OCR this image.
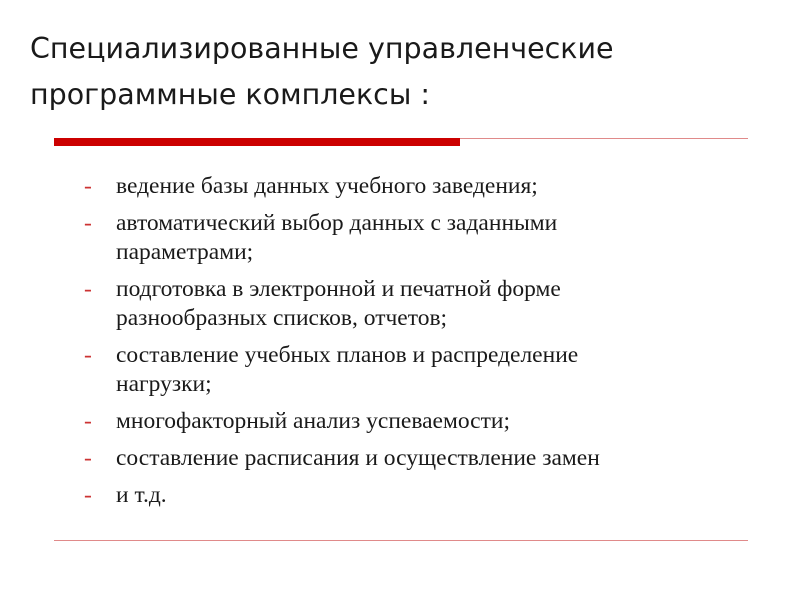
Специализированные управленческие
программные комплексы :
-	ведение базы данных учебного заведения;
-	автоматический выбор данных с заданными
параметрами;
-	подготовка в электронной и печатной форме
разнообразных списков, отчетов;
-	составление учебных планов и распределение
нагрузки;
-	многофакторный анализ успеваемости;
-	составление расписания и осуществление замен
-	и т.д.
